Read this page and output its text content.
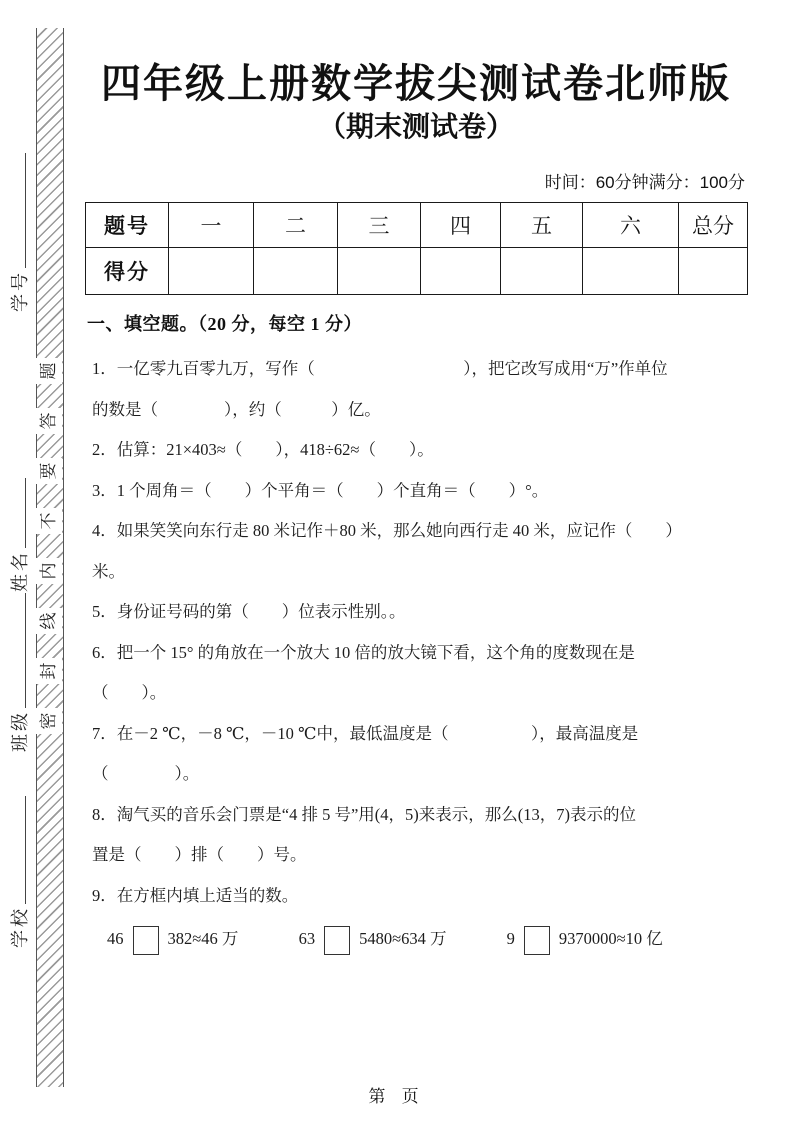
题
答
要
不
内
线
封
密
学号
姓名
班级
学校
四年级上册数学拔尖测试卷北师版
（期末测试卷）
时间：60分钟满分：100分
题号	一	二	三	四	五	六	总分
得分							
一、填空题。（20 分，每空 1 分）
1．一亿零九百零九万，写作（　　　　　　　　　），把它改写成用“万”作单位
的数是（　　　　），约（　　　）亿。
2．估算：21×403≈（　　），418÷62≈（　　）。
3．1 个周角＝（　　）个平角＝（　　）个直角＝（　　）°。
4．如果笑笑向东行走 80 米记作＋80 米，那么她向西行走 40 米，应记作（　　）
米。
5．身份证号码的第（　　）位表示性别。。
6．把一个 15° 的角放在一个放大 10 倍的放大镜下看，这个角的度数现在是
（　　）。
7．在－2 ℃，－8 ℃，－10 ℃中，最低温度是（　　　　　），最高温度是
（　　　　）。
8．淘气买的音乐会门票是“4 排 5 号”用(4，5)来表示，那么(13，7)表示的位
置是（　　）排（　　）号。
9．在方框内填上适当的数。
46	382≈46 万	63	5480≈634 万	9	9370000≈10 亿
第 页
